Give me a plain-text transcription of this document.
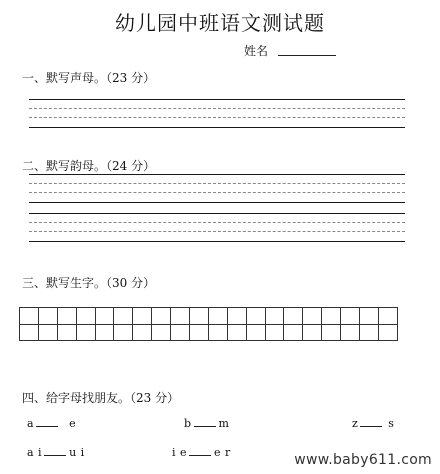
幼儿园中班语文测试题
姓名
一、默写声母。（23 分）
二、默写韵母。（24 分）
三、默写生字。（30 分）

四、给字母找朋友。（23 分）
a	e	b m	z	s
a i u i	i e e r	www.baby611.com
